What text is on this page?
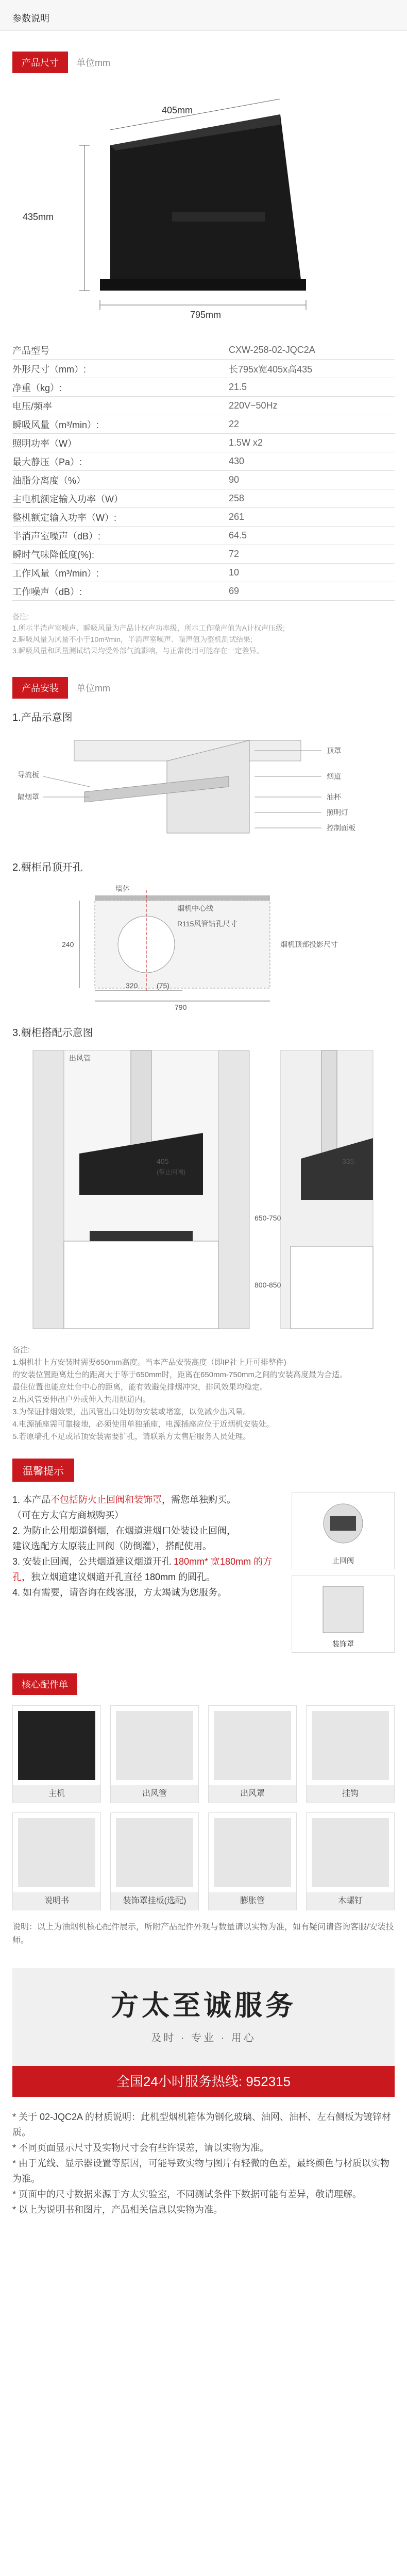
参数说明
产品尺寸	单位mm
795mm
435mm
405mm
产品型号	CXW-258-02-JQC2A
外形尺寸（mm）:	长795x宽405x高435
净重（kg）:	21.5
电压/频率	220V~50Hz
瞬吸风量（m³/min）:	22
照明功率（W）	1.5W x2
最大静压（Pa）:	430
油脂分离度（%）	90
主电机额定输入功率（W）	258
整机额定输入功率（W）:	261
半消声室噪声（dB）:	64.5
瞬时气味降低度(%):	72
工作风量（m³/min）:	10
工作噪声（dB）:	69
备注:
1.所示半消声室噪声、瞬吸风量为产品计权声功率级，所示工作噪声值为A计权声压级;
2.瞬吸风量为风量不小于10m³/min，半消声室噪声、噪声值为整机测试结果;
3.瞬吸风量和风量测试结果均受外部气流影响，与正常使用可能存在一定差异。
产品安装	单位mm
1.产品示意图
顶罩
烟道
油杯
照明灯
控制面板
导流板
隔烟罩
2.橱柜吊顶开孔
墙体
烟机中心线
R115风管钻孔尺寸
烟机顶部投影尺寸
240
320	(75)
790
3.橱柜搭配示意图
出风管
405	335
650-750
800-850
(带止回阀)
备注:
1.烟机壮上方安装时需要650mm高度。当本产品安装高度（即IP社上开可排整件)
的安装位置距离灶台的距离大于等于650mm时，距离在650mm-750mm之间的安装高度最为合适。
最佳位置也能应灶台中心的距离，能有效避免排烟冲突，排风效果均稳定。
2.出风管要伸出户外或伸入共用烟道内。
3.为保证排烟效果，出风管出口处切勿安装或堵塞，以免减少出风量。
4.电源插座需可靠接地，必须使用单独插座，电源插座应位于近烟机安装处。
5.若原墙孔不足或吊顶安装需要扩孔，请联系方太售后服务人员处理。
温馨提示
1. 本产品不包括防火止回阀和装饰罩，需您单独购买。
（可在方太官方商城购买）
2. 为防止公用烟道倒烟，在烟道进烟口处装设止回阀，
建议选配方太原装止回阀（防倒灌），搭配使用。
3. 安装止回阀，公共烟道建议烟道开孔 180mm* 宽180mm 的方孔，独立烟道建议烟道开孔直径 180mm 的圆孔。
4. 如有需要，请咨询在线客服，方太竭诚为您服务。
止回阀
装饰罩
核心配件单
主机	出风管	出风罩	挂钩
说明书	装饰罩挂板(选配)	膨胀管	木螺钉
说明：以上为油烟机核心配件展示，所附产品配件外观与数量请以实物为准，如有疑问请咨询客服/安装技师。
方太至诚服务
及时 · 专业 · 用心
全国24小时服务热线: 952315
* 关于 02-JQC2A 的材质说明：此机型烟机箱体为钢化玻璃、油网、油杯、左右侧板为镀锌材质。
* 不同页面显示尺寸及实物尺寸会有些许误差，请以实物为准。
* 由于光线、显示器设置等原因，可能导致实物与图片有轻微的色差，最终颜色与材质以实物为准。
* 页面中的尺寸数据来源于方太实验室，不同测试条件下数据可能有差异，敬请理解。
* 以上为说明书和图片，产品相关信息以实物为准。
